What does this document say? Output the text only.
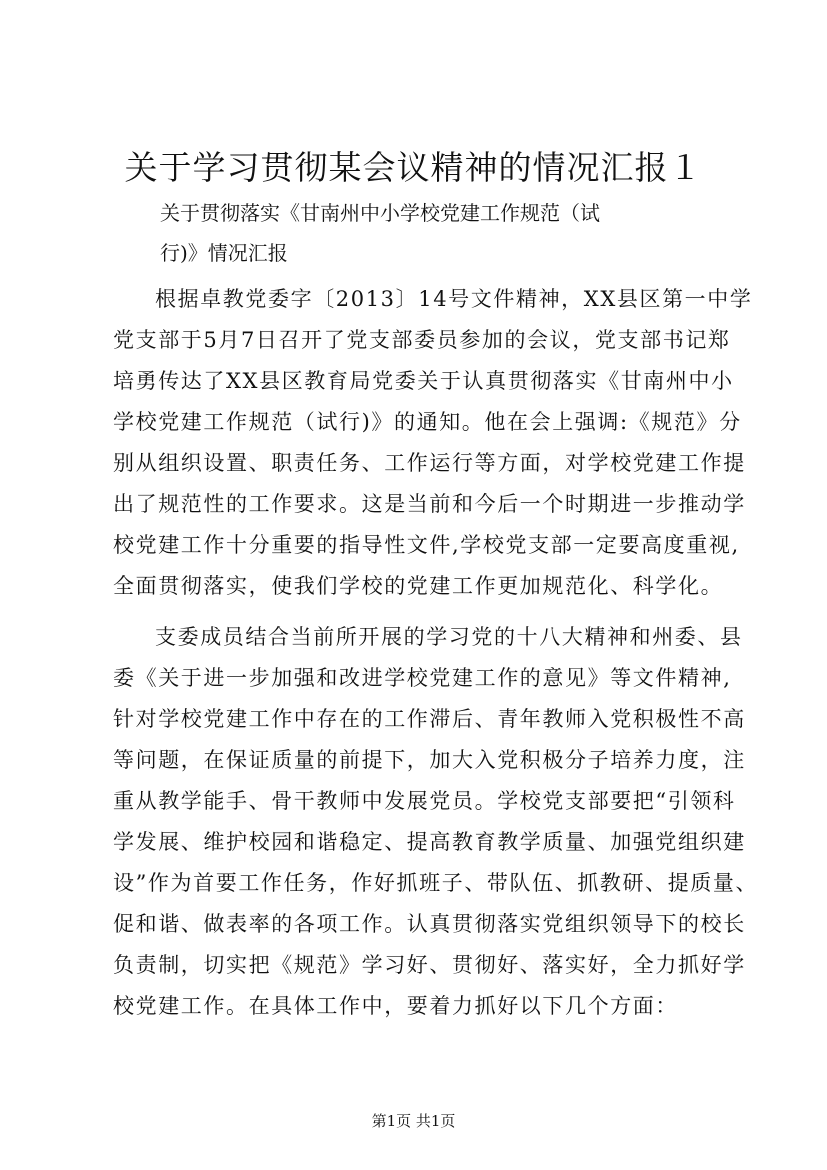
关于学习贯彻某会议精神的情况汇报１
关于贯彻落实《甘南州中小学校党建工作规范（试
行)》情况汇报
根据卓教党委字〔2013〕14号文件精神，XX县区第一中学
党支部于5月7日召开了党支部委员参加的会议，党支部书记郑
培勇传达了XX县区教育局党委关于认真贯彻落实《甘南州中小
学校党建工作规范（试行)》的通知。他在会上强调:《规范》分
别从组织设置、职责任务、工作运行等方面，对学校党建工作提
出了规范性的工作要求。这是当前和今后一个时期进一步推动学
校党建工作十分重要的指导性文件,学校党支部一定要高度重视,
全面贯彻落实，使我们学校的党建工作更加规范化、科学化。
支委成员结合当前所开展的学习党的十八大精神和州委、县
委《关于进一步加强和改进学校党建工作的意见》等文件精神,
针对学校党建工作中存在的工作滞后、青年教师入党积极性不高
等问题，在保证质量的前提下，加大入党积极分子培养力度，注
重从教学能手、骨干教师中发展党员。学校党支部要把“引领科
学发展、维护校园和谐稳定、提高教育教学质量、加强党组织建
设”作为首要工作任务，作好抓班子、带队伍、抓教研、提质量、
促和谐、做表率的各项工作。认真贯彻落实党组织领导下的校长
负责制，切实把《规范》学习好、贯彻好、落实好，全力抓好学
校党建工作。在具体工作中，要着力抓好以下几个方面：
第1页 共1页
